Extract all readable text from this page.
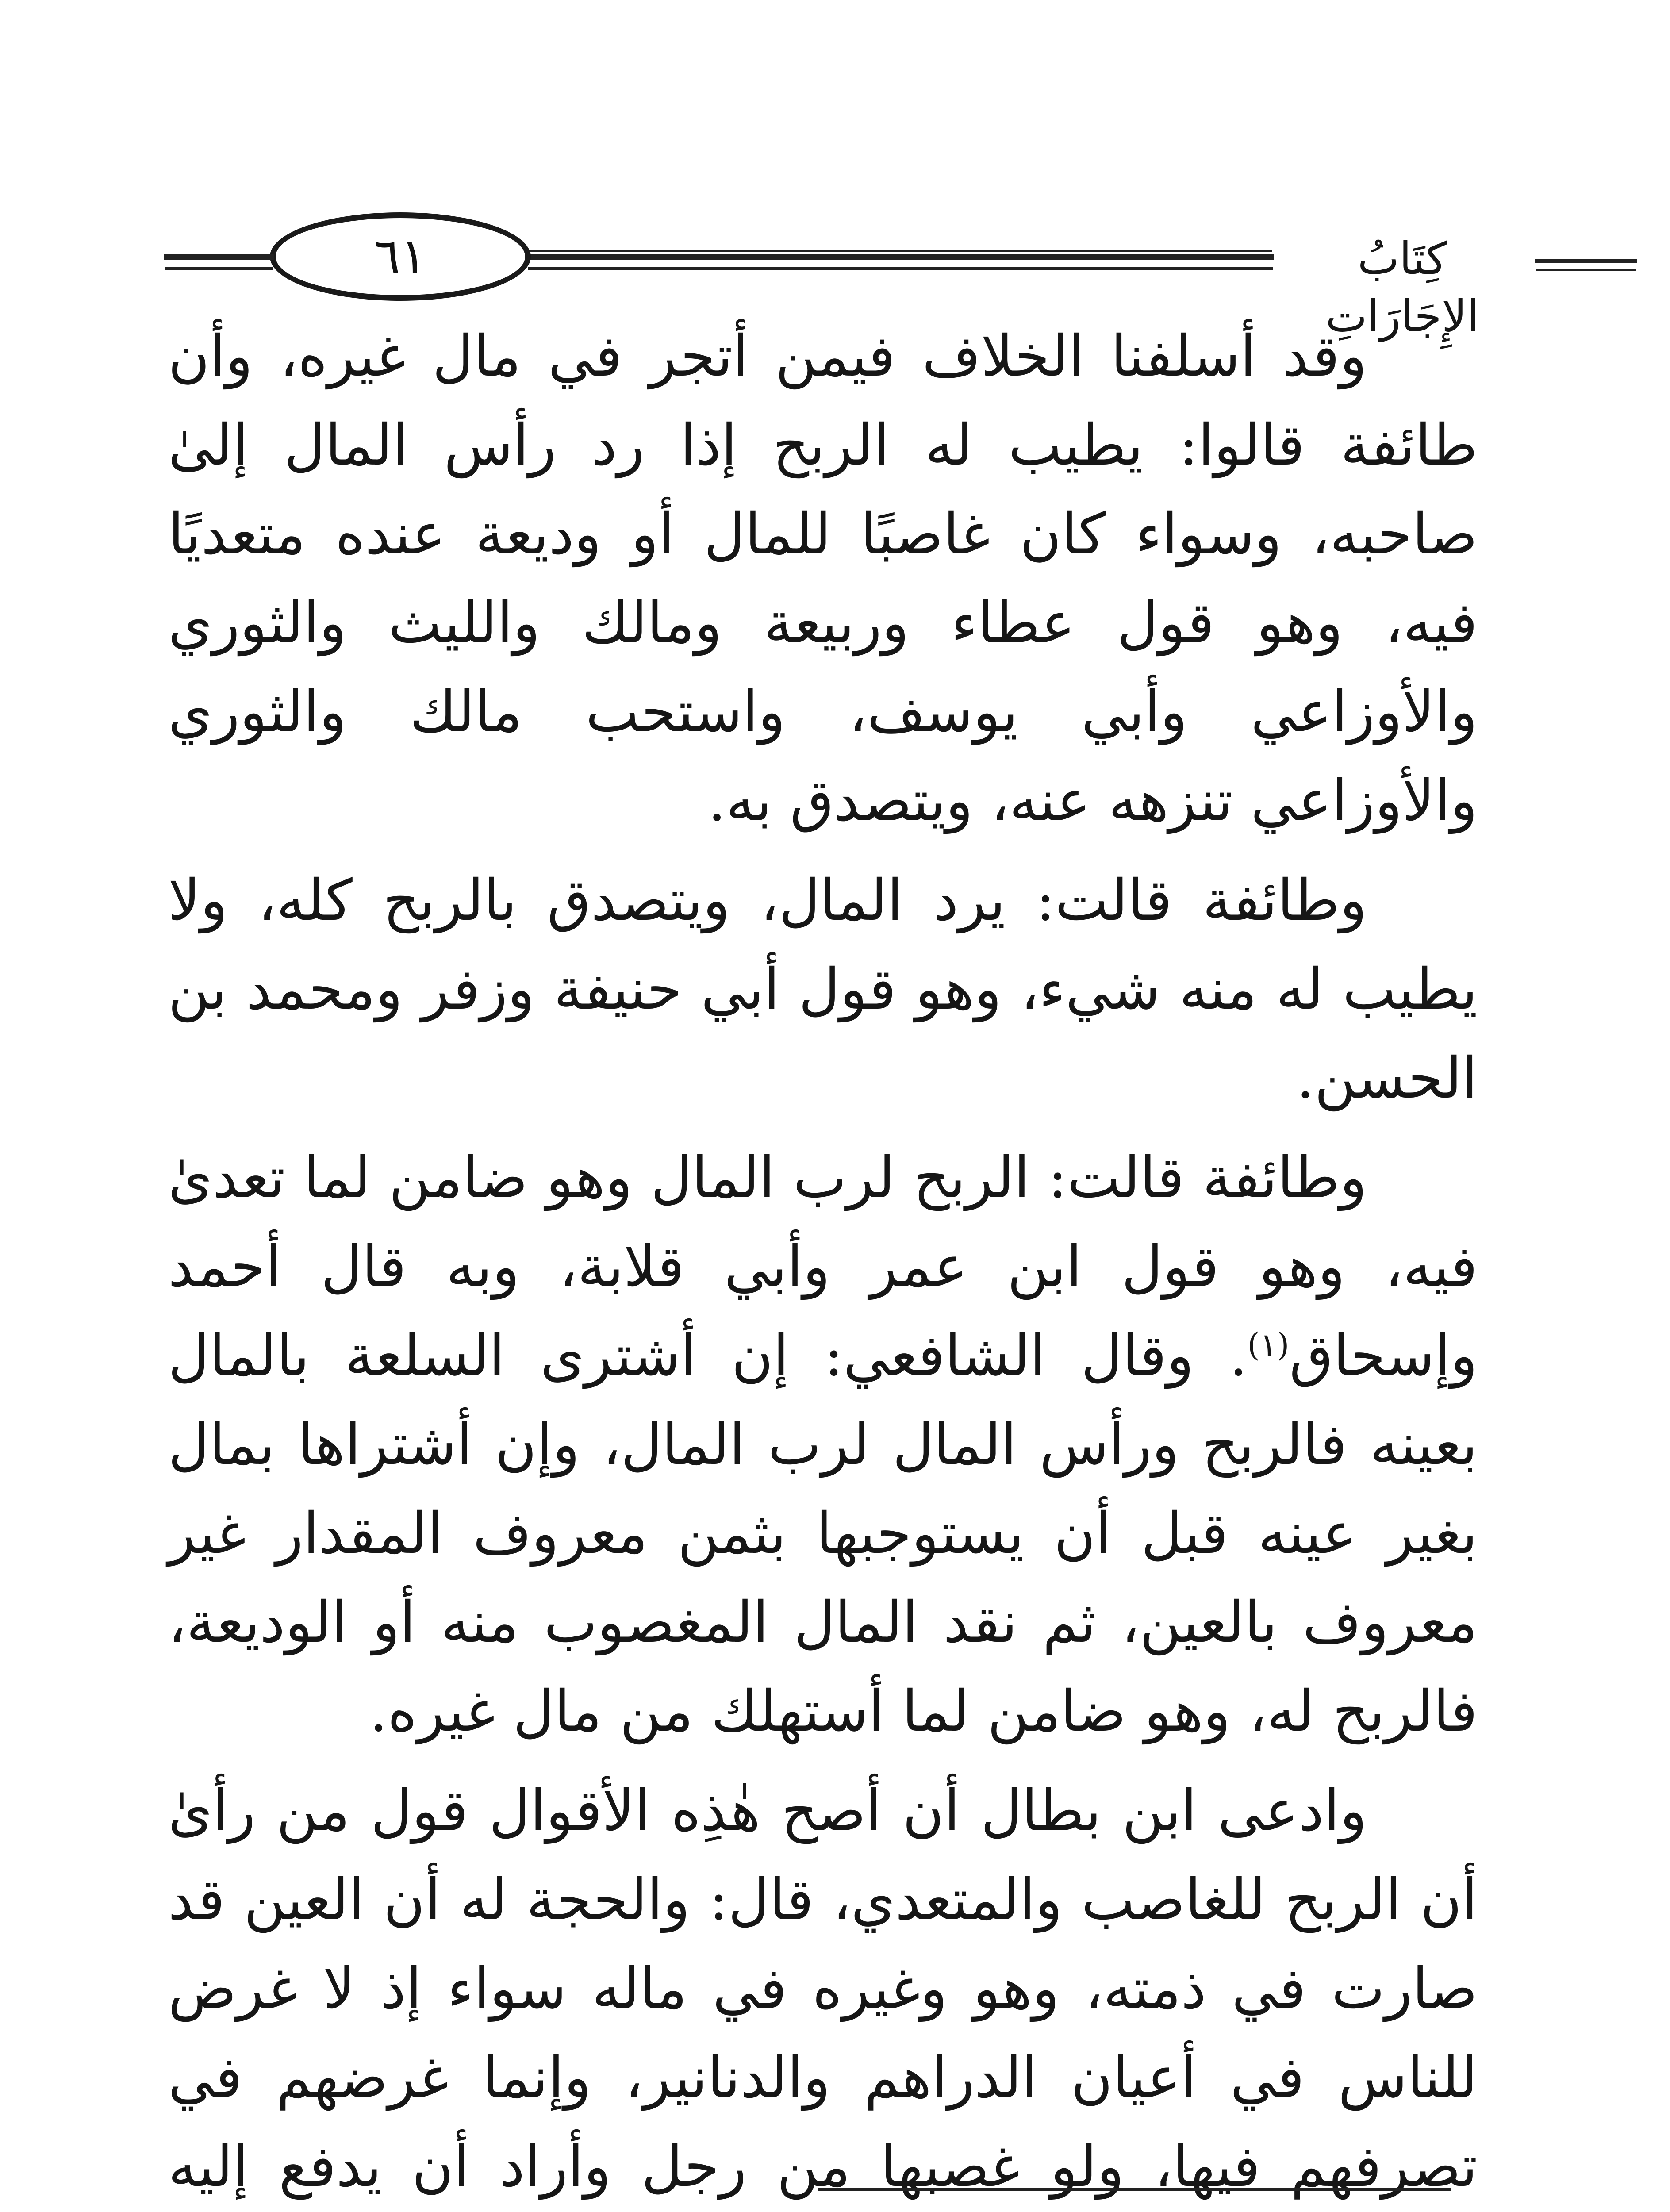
كِتَابُ الإِجَارَاتِ
٦١

وقد أسلفنا الخلاف فيمن أتجر في مال غيره، وأن طائفة قالوا: يطيب له الربح إذا رد رأس المال إلىٰ صاحبه، وسواء كان غاصبًا للمال أو وديعة عنده متعديًا فيه، وهو قول عطاء وربيعة ومالك والليث والثوري والأوزاعي وأبي يوسف، واستحب مالك والثوري والأوزاعي تنزهه عنه، ويتصدق به.

وطائفة قالت: يرد المال، ويتصدق بالربح كله، ولا يطيب له منه شيء، وهو قول أبي حنيفة وزفر ومحمد بن الحسن.

وطائفة قالت: الربح لرب المال وهو ضامن لما تعدىٰ فيه، وهو قول ابن عمر وأبي قلابة، وبه قال أحمد وإسحاق$^{(١)}$. وقال الشافعي: إن أشترى السلعة بالمال بعينه فالربح ورأس المال لرب المال، وإن أشتراها بمال بغير عينه قبل أن يستوجبها بثمن معروف المقدار غير معروف بالعين، ثم نقد المال المغصوب منه أو الوديعة، فالربح له، وهو ضامن لما أستهلك من مال غيره.

وادعى ابن بطال أن أصح هٰذِه الأقوال قول من رأىٰ أن الربح للغاصب والمتعدي، قال: والحجة له أن العين قد صارت في ذمته، وهو وغيره في ماله سواء إذ لا غرض للناس في أعيان الدراهم والدنانير، وإنما غرضهم في تصرفهم فيها، ولو غصبها من رجل وأراد أن يدفع إليه
